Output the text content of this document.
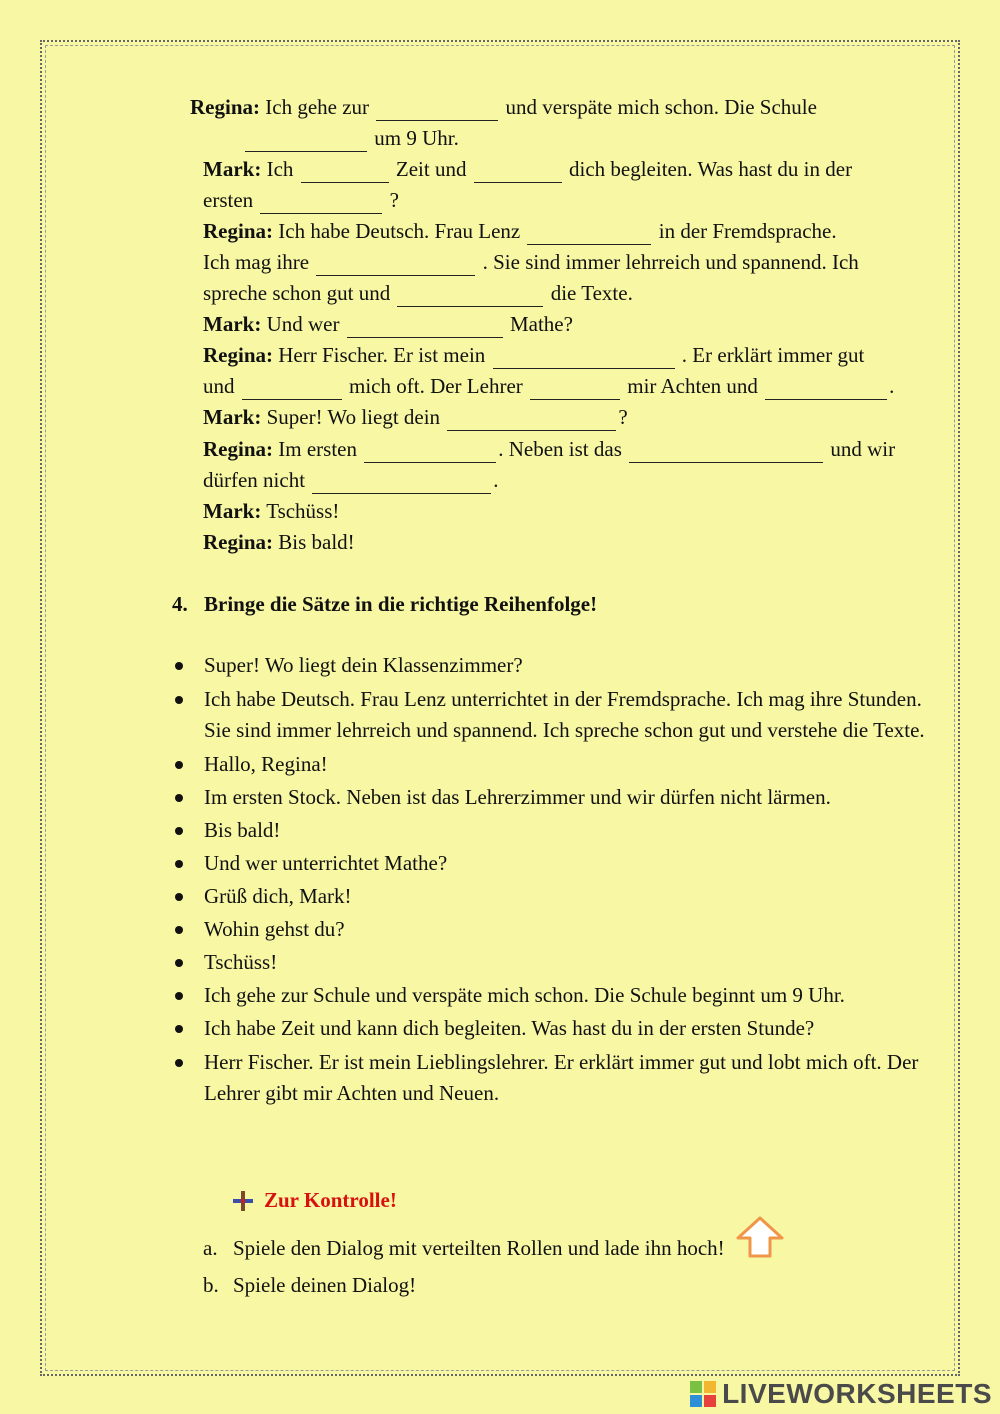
Regina: Ich gehe zur	und verspäte mich schon. Die Schule
um 9 Uhr.
Mark: Ich	Zeit und	dich begleiten. Was hast du in der
ersten	?
Regina: Ich habe Deutsch. Frau Lenz	in der Fremdsprache.
Ich mag ihre	. Sie sind immer lehrreich und spannend. Ich
spreche schon gut und	die Texte.
Mark: Und wer	Mathe?
Regina: Herr Fischer. Er ist mein	. Er erklärt immer gut
und	mich oft. Der Lehrer	mir Achten und	.
Mark: Super! Wo liegt dein	?
Regina: Im ersten	. Neben ist das	und wir
dürfen nicht	.
Mark: Tschüss!
Regina: Bis bald!
4. Bringe die Sätze in die richtige Reihenfolge!
Super! Wo liegt dein Klassenzimmer?
Ich habe Deutsch. Frau Lenz unterrichtet in der Fremdsprache. Ich mag ihre Stunden. Sie sind immer lehrreich und spannend. Ich spreche schon gut und verstehe die Texte.
Hallo, Regina!
Im ersten Stock. Neben ist das Lehrerzimmer und wir dürfen nicht lärmen.
Bis bald!
Und wer unterrichtet Mathe?
Grüß dich, Mark!
Wohin gehst du?
Tschüss!
Ich gehe zur Schule und verspäte mich schon. Die Schule beginnt um 9 Uhr.
Ich habe Zeit und kann dich begleiten. Was hast du in der ersten Stunde?
Herr Fischer. Er ist mein Lieblingslehrer. Er erklärt immer gut und lobt mich oft. Der Lehrer gibt mir Achten und Neuen.
Zur Kontrolle!
a. Spiele den Dialog mit verteilten Rollen und lade ihn hoch!
b. Spiele deinen Dialog!
LIVEWORKSHEETS
